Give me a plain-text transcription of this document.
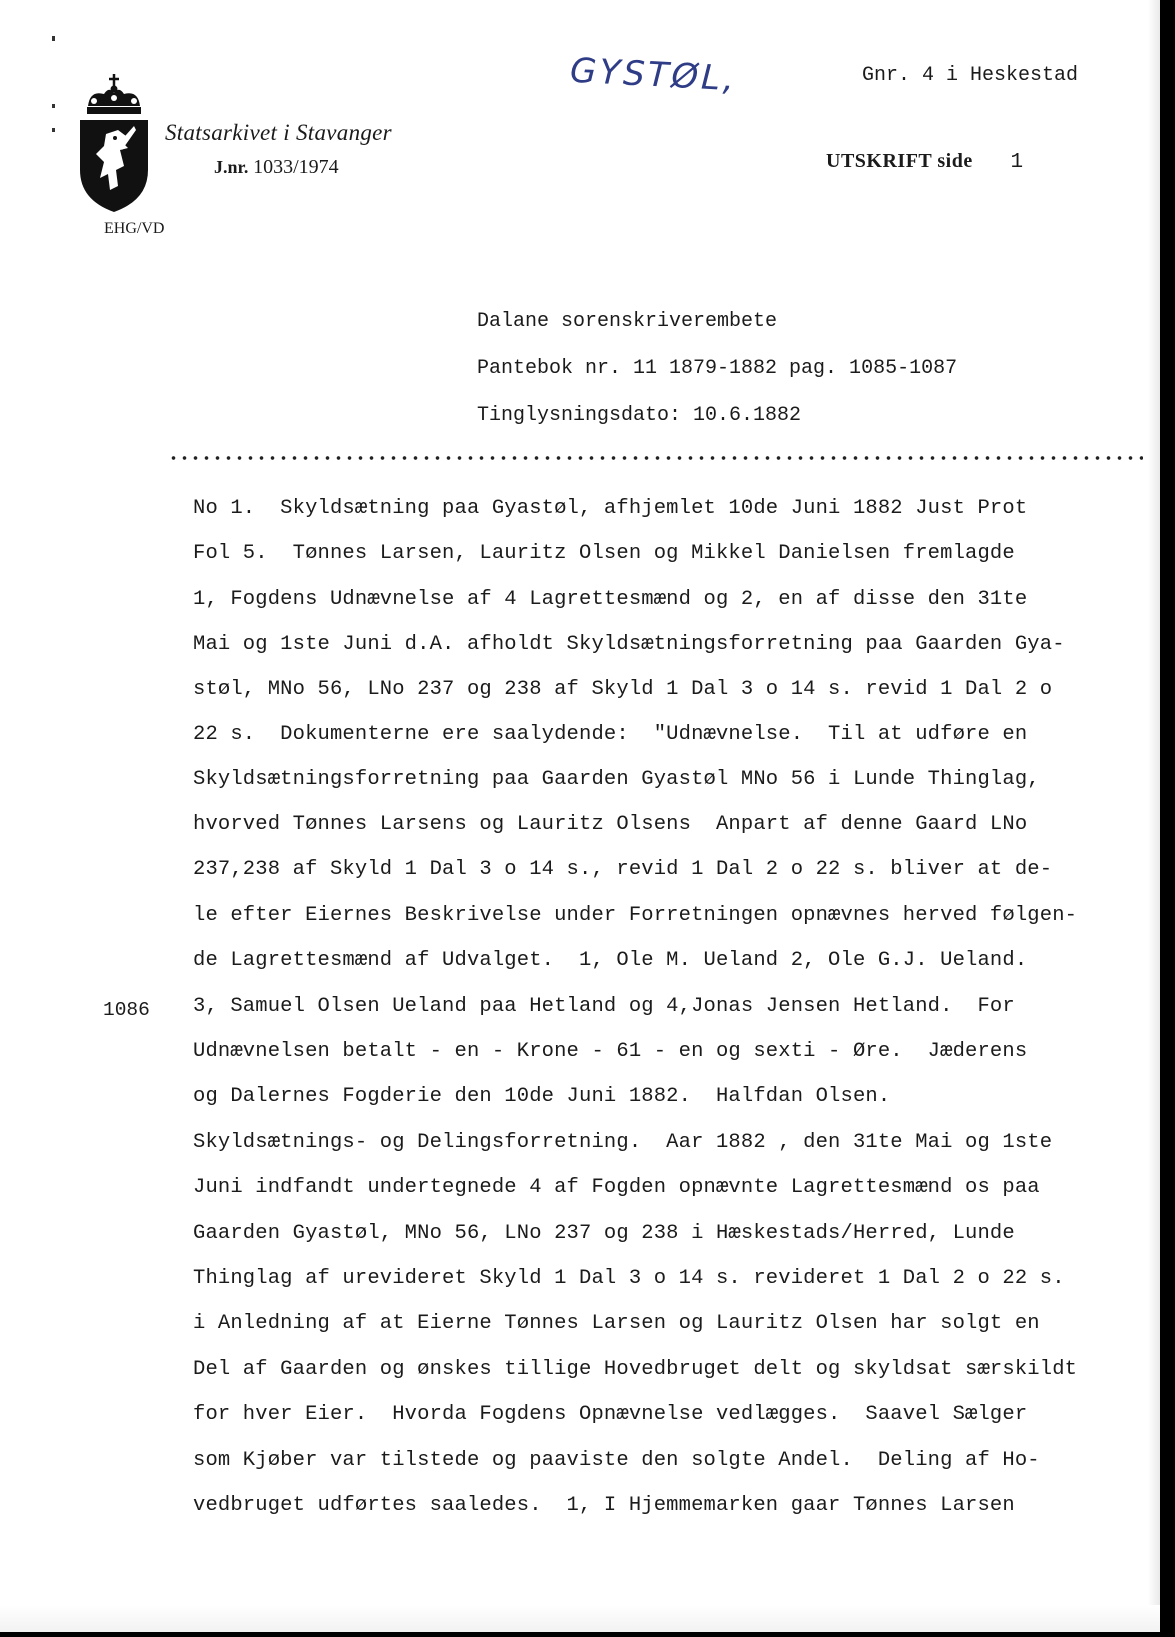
Statsarkivet i Stavanger
J.nr. 1033/1974
EHG/VD
GYSTØL,	Gnr. 4 i Heskestad
UTSKRIFT side 1
Dalane sorenskriverembete
Pantebok nr. 11 1879-1882 pag. 1085-1087
Tinglysningsdato: 10.6.1882
1086
No 1.  Skyldsætning paa Gyastøl, afhjemlet 10de Juni 1882 Just Prot
Fol 5.  Tønnes Larsen, Lauritz Olsen og Mikkel Danielsen fremlagde
1, Fogdens Udnævnelse af 4 Lagrettesmænd og 2, en af disse den 31te
Mai og 1ste Juni d.A. afholdt Skyldsætningsforretning paa Gaarden Gya-
støl, MNo 56, LNo 237 og 238 af Skyld 1 Dal 3 o 14 s. revid 1 Dal 2 o
22 s.  Dokumenterne ere saalydende:  "Udnævnelse.  Til at udføre en
Skyldsætningsforretning paa Gaarden Gyastøl MNo 56 i Lunde Thinglag,
hvorved Tønnes Larsens og Lauritz Olsens  Anpart af denne Gaard LNo
237,238 af Skyld 1 Dal 3 o 14 s., revid 1 Dal 2 o 22 s. bliver at de-
le efter Eiernes Beskrivelse under Forretningen opnævnes herved følgen-
de Lagrettesmænd af Udvalget.  1, Ole M. Ueland 2, Ole G.J. Ueland.
3, Samuel Olsen Ueland paa Hetland og 4,Jonas Jensen Hetland.  For
Udnævnelsen betalt - en - Krone - 61 - en og sexti - Øre.  Jæderens
og Dalernes Fogderie den 10de Juni 1882.  Halfdan Olsen.
Skyldsætnings- og Delingsforretning.  Aar 1882 , den 31te Mai og 1ste
Juni indfandt undertegnede 4 af Fogden opnævnte Lagrettesmænd os paa
Gaarden Gyastøl, MNo 56, LNo 237 og 238 i Hæskestads/Herred, Lunde
Thinglag af urevideret Skyld 1 Dal 3 o 14 s. revideret 1 Dal 2 o 22 s.
i Anledning af at Eierne Tønnes Larsen og Lauritz Olsen har solgt en
Del af Gaarden og ønskes tillige Hovedbruget delt og skyldsat særskildt
for hver Eier.  Hvorda Fogdens Opnævnelse vedlægges.  Saavel Sælger
som Kjøber var tilstede og paaviste den solgte Andel.  Deling af Ho-
vedbruget udførtes saaledes.  1, I Hjemmemarken gaar Tønnes Larsen
